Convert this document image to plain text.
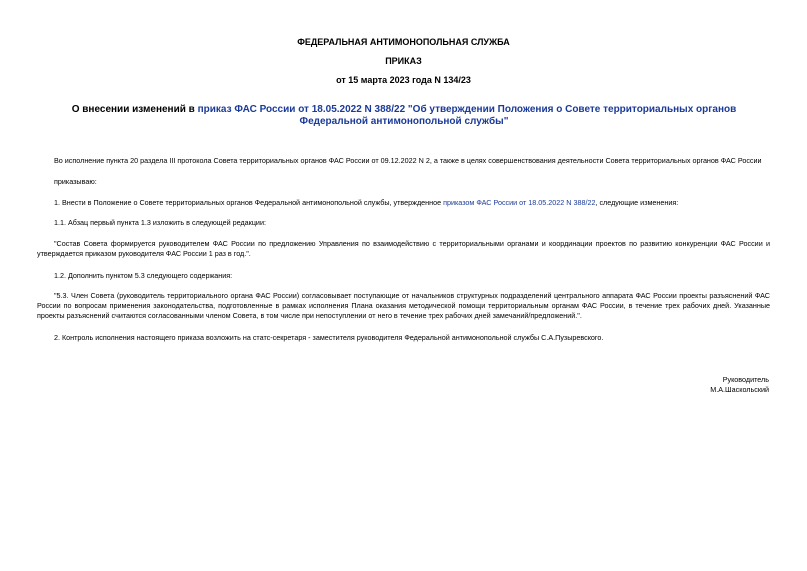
ФЕДЕРАЛЬНАЯ АНТИМОНОПОЛЬНАЯ СЛУЖБА
ПРИКАЗ
от 15 марта 2023 года N 134/23
О внесении изменений в приказ ФАС России от 18.05.2022 N 388/22 "Об утверждении Положения о Совете территориальных органов Федеральной антимонопольной службы"
Во исполнение пункта 20 раздела III протокола Совета территориальных органов ФАС России от 09.12.2022 N 2, а также в целях совершенствования деятельности Совета территориальных органов ФАС России
приказываю:
1. Внести в Положение о Совете территориальных органов Федеральной антимонопольной службы, утвержденное приказом ФАС России от 18.05.2022 N 388/22, следующие изменения:
1.1. Абзац первый пункта 1.3 изложить в следующей редакции:
"Состав Совета формируется руководителем ФАС России по предложению Управления по взаимодействию с территориальными органами и координации проектов по развитию конкуренции ФАС России и утверждается приказом руководителя ФАС России 1 раз в год.".
1.2. Дополнить пунктом 5.3 следующего содержания:
"5.3. Член Совета (руководитель территориального органа ФАС России) согласовывает поступающие от начальников структурных подразделений центрального аппарата ФАС России проекты разъяснений ФАС России по вопросам применения законодательства, подготовленные в рамках исполнения Плана оказания методической помощи территориальным органам ФАС России, в течение трех рабочих дней. Указанные проекты разъяснений считаются согласованными членом Совета, в том числе при непоступлении от него в течение трех рабочих дней замечаний/предложений.".
2. Контроль исполнения настоящего приказа возложить на статс-секретаря - заместителя руководителя Федеральной антимонопольной службы С.А.Пузыревского.
Руководитель
М.А.Шаскольский
